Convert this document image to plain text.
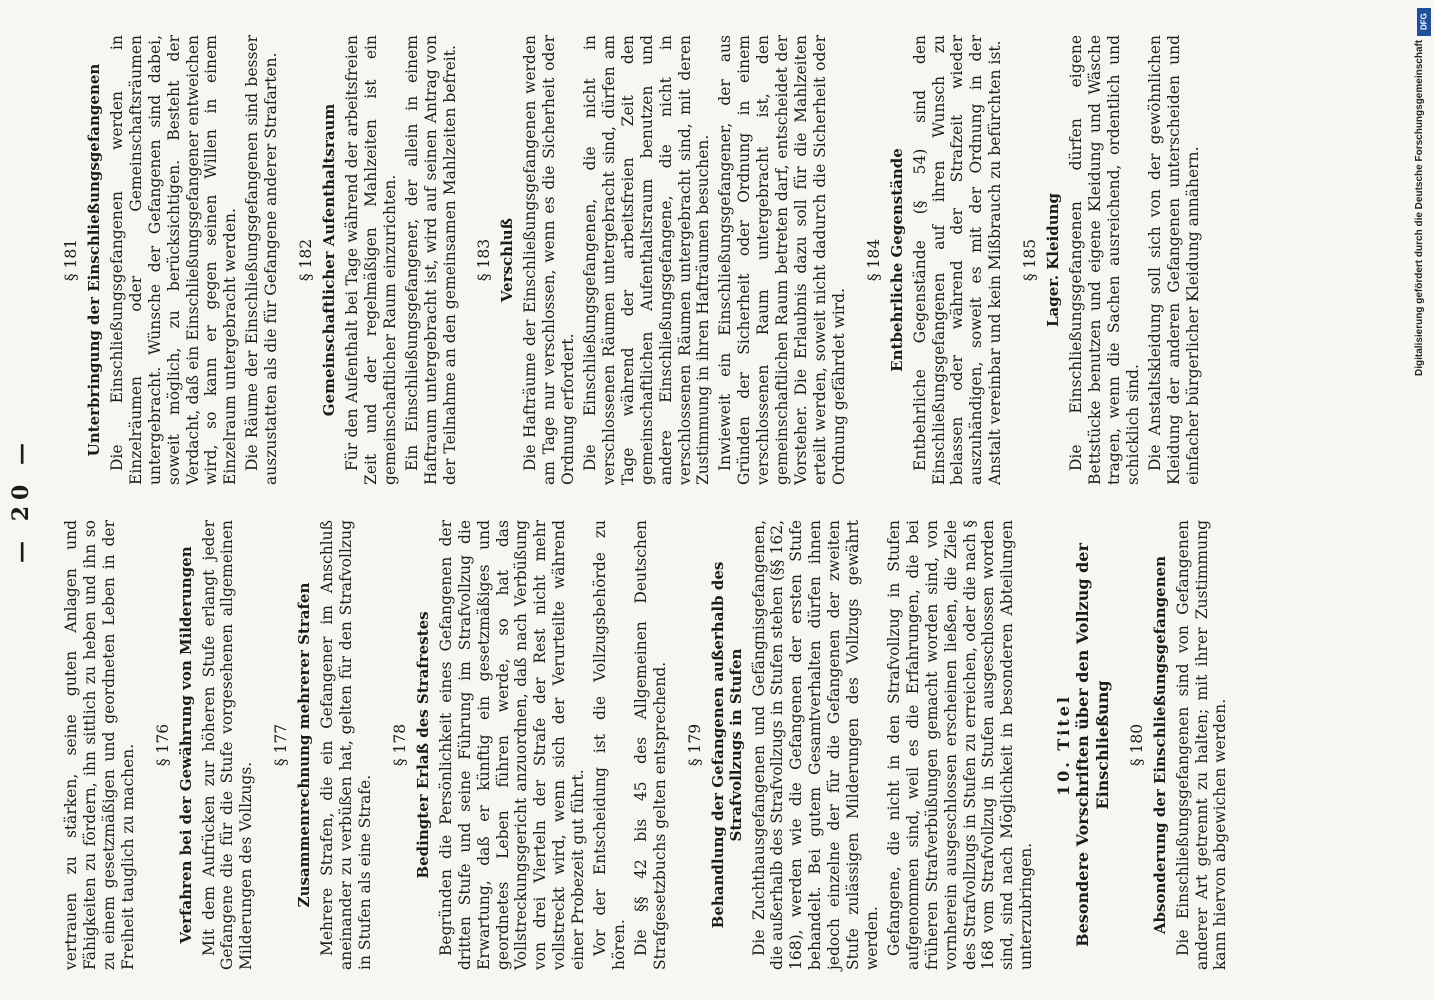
— 20 —

vertrauen zu stärken, seine guten Anlagen und Fähigkeiten zu fördern, ihn sittlich zu heben und ihn so zu einem gesetzmäßigen und geordneten Leben in der Freiheit tauglich zu machen. § 176 Verfahren bei der Gewährung von Milderungen Mit dem Aufrücken zur höheren Stufe erlangt jeder Gefangene die für die Stufe vorgesehenen allgemeinen Milderungen des Vollzugs.

§ 177 Zusammenrechnung mehrerer Strafen Mehrere Strafen, die ein Gefangener im Anschluß aneinander zu verbüßen hat, gelten für den Strafvollzug in Stufen als eine Strafe.

§ 178 Bedingter Erlaß des Strafrestes Begründen die Persönlichkeit eines Gefangenen der dritten Stufe und seine Führung im Strafvollzug die Erwartung, daß er künftig ein gesetzmäßiges und geordnetes Leben führen werde, so hat das Vollstreckungsgericht anzuordnen, daß nach Verbüßung von drei Vierteln der Strafe der Rest nicht mehr vollstreckt wird, wenn sich der Verurteilte während einer Probezeit gut führt. Vor der Entscheidung ist die Vollzugsbehörde zu hören. Die §§ 42 bis 45 des Allgemeinen Deutschen Strafgesetzbuchs gelten entsprechend. § 179 Behandlung der Gefangenen außerhalb des Strafvollzugs in Stufen Die Zuchthausgefangenen und Gefängnisgefangenen, die außerhalb des Strafvollzugs in Stufen stehen (§§ 162, 168), werden wie die Gefangenen der ersten Stufe behandelt. Bei gutem Gesamtverhalten dürfen ihnen jedoch einzelne der für die Gefangenen der zweiten Stufe zulässigen Milderungen des Vollzugs gewährt werden. Gefangene, die nicht in den Strafvollzug in Stufen aufgenommen sind, weil es die Erfahrungen, die bei früheren Strafverbüßungen gemacht worden sind, von vornherein ausgeschlossen erscheinen ließen, die Ziele des Strafvollzugs in Stufen zu erreichen, oder die nach § 168 vom Strafvollzug in Stufen ausgeschlossen worden sind, sind nach Möglichkeit in besonderen Abteilungen unterzubringen.

10. Titel Besondere Vorschriften über den Vollzug der Einschließung § 180 Absonderung der Einschließungsgefangenen Die Einschließungsgefangenen sind von Gefangenen anderer Art getrennt zu halten; mit ihrer Zustimmung kann hiervon abgewichen werden.

§ 181 Unterbringung der Einschließungsgefangenen Die Einschließungsgefangenen werden in Einzelräumen oder Gemeinschaftsräumen untergebracht. Wünsche der Gefangenen sind dabei, soweit möglich, zu berücksichtigen. Besteht der Verdacht, daß ein Einschließungsgefangener entweichen wird, so kann er gegen seinen Willen in einem Einzelraum untergebracht werden. Die Räume der Einschließungsgefangenen sind besser auszustatten als die für Gefangene anderer Strafarten. § 182 Gemeinschaftlicher Aufenthaltsraum Für den Aufenthalt bei Tage während der arbeitsfreien Zeit und der regelmäßigen Mahlzeiten ist ein gemeinschaftlicher Raum einzurichten. Ein Einschließungsgefangener, der allein in einem Haftraum untergebracht ist, wird auf seinen Antrag von der Teilnahme an den gemeinsamen Mahlzeiten befreit. § 183 Verschluß Die Hafträume der Einschließungsgefangenen werden am Tage nur verschlossen, wenn es die Sicherheit oder Ordnung erfordert. Die Einschließungsgefangenen, die nicht in verschlossenen Räumen untergebracht sind, dürfen am Tage während der arbeitsfreien Zeit den gemeinschaftlichen Aufenthaltsraum benutzen und andere Einschließungsgefangene, die nicht in verschlossenen Räumen untergebracht sind, mit deren Zustimmung in ihren Hafträumen besuchen. Inwieweit ein Einschließungsgefangener, der aus Gründen der Sicherheit oder Ordnung in einem verschlossenen Raum untergebracht ist, den gemeinschaftlichen Raum betreten darf, entscheidet der Vorsteher. Die Erlaubnis dazu soll für die Mahlzeiten erteilt werden, soweit nicht dadurch die Sicherheit oder Ordnung gefährdet wird.

§ 184 Entbehrliche Gegenstände Entbehrliche Gegenstände (§ 54) sind den Einschließungsgefangenen auf ihren Wunsch zu belassen oder während der Strafzeit wieder auszuhändigen, soweit es mit der Ordnung in der Anstalt vereinbar und kein Mißbrauch zu befürchten ist. § 185 Lager. Kleidung Die Einschließungsgefangenen dürfen eigene Bettstücke benutzen und eigene Kleidung und Wäsche tragen, wenn die Sachen ausreichend, ordentlich und schicklich sind. Die Anstaltskleidung soll sich von der gewöhnlichen Kleidung der anderen Gefangenen unterscheiden und einfacher bürgerlicher Kleidung annähern.

DFG
Digitalisierung gefördert durch die Deutsche Forschungsgemeinschaft
